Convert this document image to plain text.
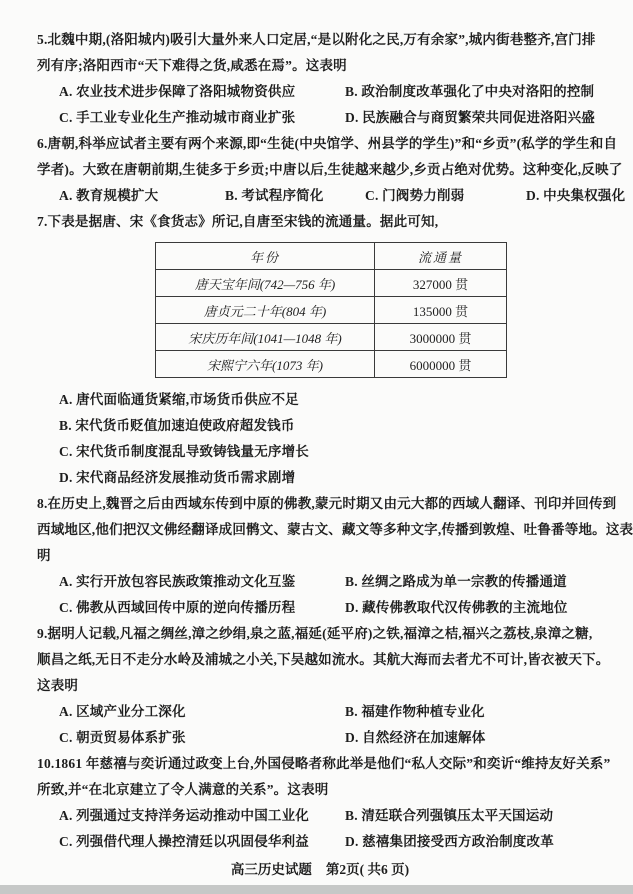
5.北魏中期,(洛阳城内)吸引大量外来人口定居,“是以附化之民,万有余家”,城内街巷整齐,宫门排
列有序;洛阳西市“天下难得之货,咸悉在焉”。这表明
A. 农业技术进步保障了洛阳城物资供应	B. 政治制度改革强化了中央对洛阳的控制
C. 手工业专业化生产推动城市商业扩张	D. 民族融合与商贸繁荣共同促进洛阳兴盛
6.唐朝,科举应试者主要有两个来源,即“生徒(中央馆学、州县学的学生)”和“乡贡”(私学的学生和自
学者)。大致在唐朝前期,生徒多于乡贡;中唐以后,生徒越来越少,乡贡占绝对优势。这种变化,反映了
A. 教育规模扩大	B. 考试程序简化	C. 门阀势力削弱	D. 中央集权强化
7.下表是据唐、宋《食货志》所记,自唐至宋钱的流通量。据此可知,
年份	流通量
唐天宝年间(742—756 年)	327000 贯
唐贞元二十年(804 年)	135000 贯
宋庆历年间(1041—1048 年)	3000000 贯
宋熙宁六年(1073 年)	6000000 贯
A. 唐代面临通货紧缩,市场货币供应不足
B. 宋代货币贬值加速迫使政府超发钱币
C. 宋代货币制度混乱导致铸钱量无序增长
D. 宋代商品经济发展推动货币需求剧增
8.在历史上,魏晋之后由西域东传到中原的佛教,蒙元时期又由元大都的西域人翻译、刊印并回传到
西域地区,他们把汉文佛经翻译成回鹘文、蒙古文、藏文等多种文字,传播到敦煌、吐鲁番等地。这表
明
A. 实行开放包容民族政策推动文化互鉴	B. 丝绸之路成为单一宗教的传播通道
C. 佛教从西域回传中原的逆向传播历程	D. 藏传佛教取代汉传佛教的主流地位
9.据明人记载,凡福之绸丝,漳之纱绢,泉之蓝,福延(延平府)之铁,福漳之桔,福兴之荔枝,泉漳之糖,
顺昌之纸,无日不走分水岭及浦城之小关,下吴越如流水。其航大海而去者尤不可计,皆衣被天下。
这表明
A. 区域产业分工深化	B. 福建作物种植专业化
C. 朝贡贸易体系扩张	D. 自然经济在加速解体
10.1861 年慈禧与奕䜣通过政变上台,外国侵略者称此举是他们“私人交际”和奕䜣“维持友好关系”
所致,并“在北京建立了令人满意的关系”。这表明
A. 列强通过支持洋务运动推动中国工业化	B. 清廷联合列强镇压太平天国运动
C. 列强借代理人操控清廷以巩固侵华利益	D. 慈禧集团接受西方政治制度改革
高三历史试题 第2页( 共6 页)
